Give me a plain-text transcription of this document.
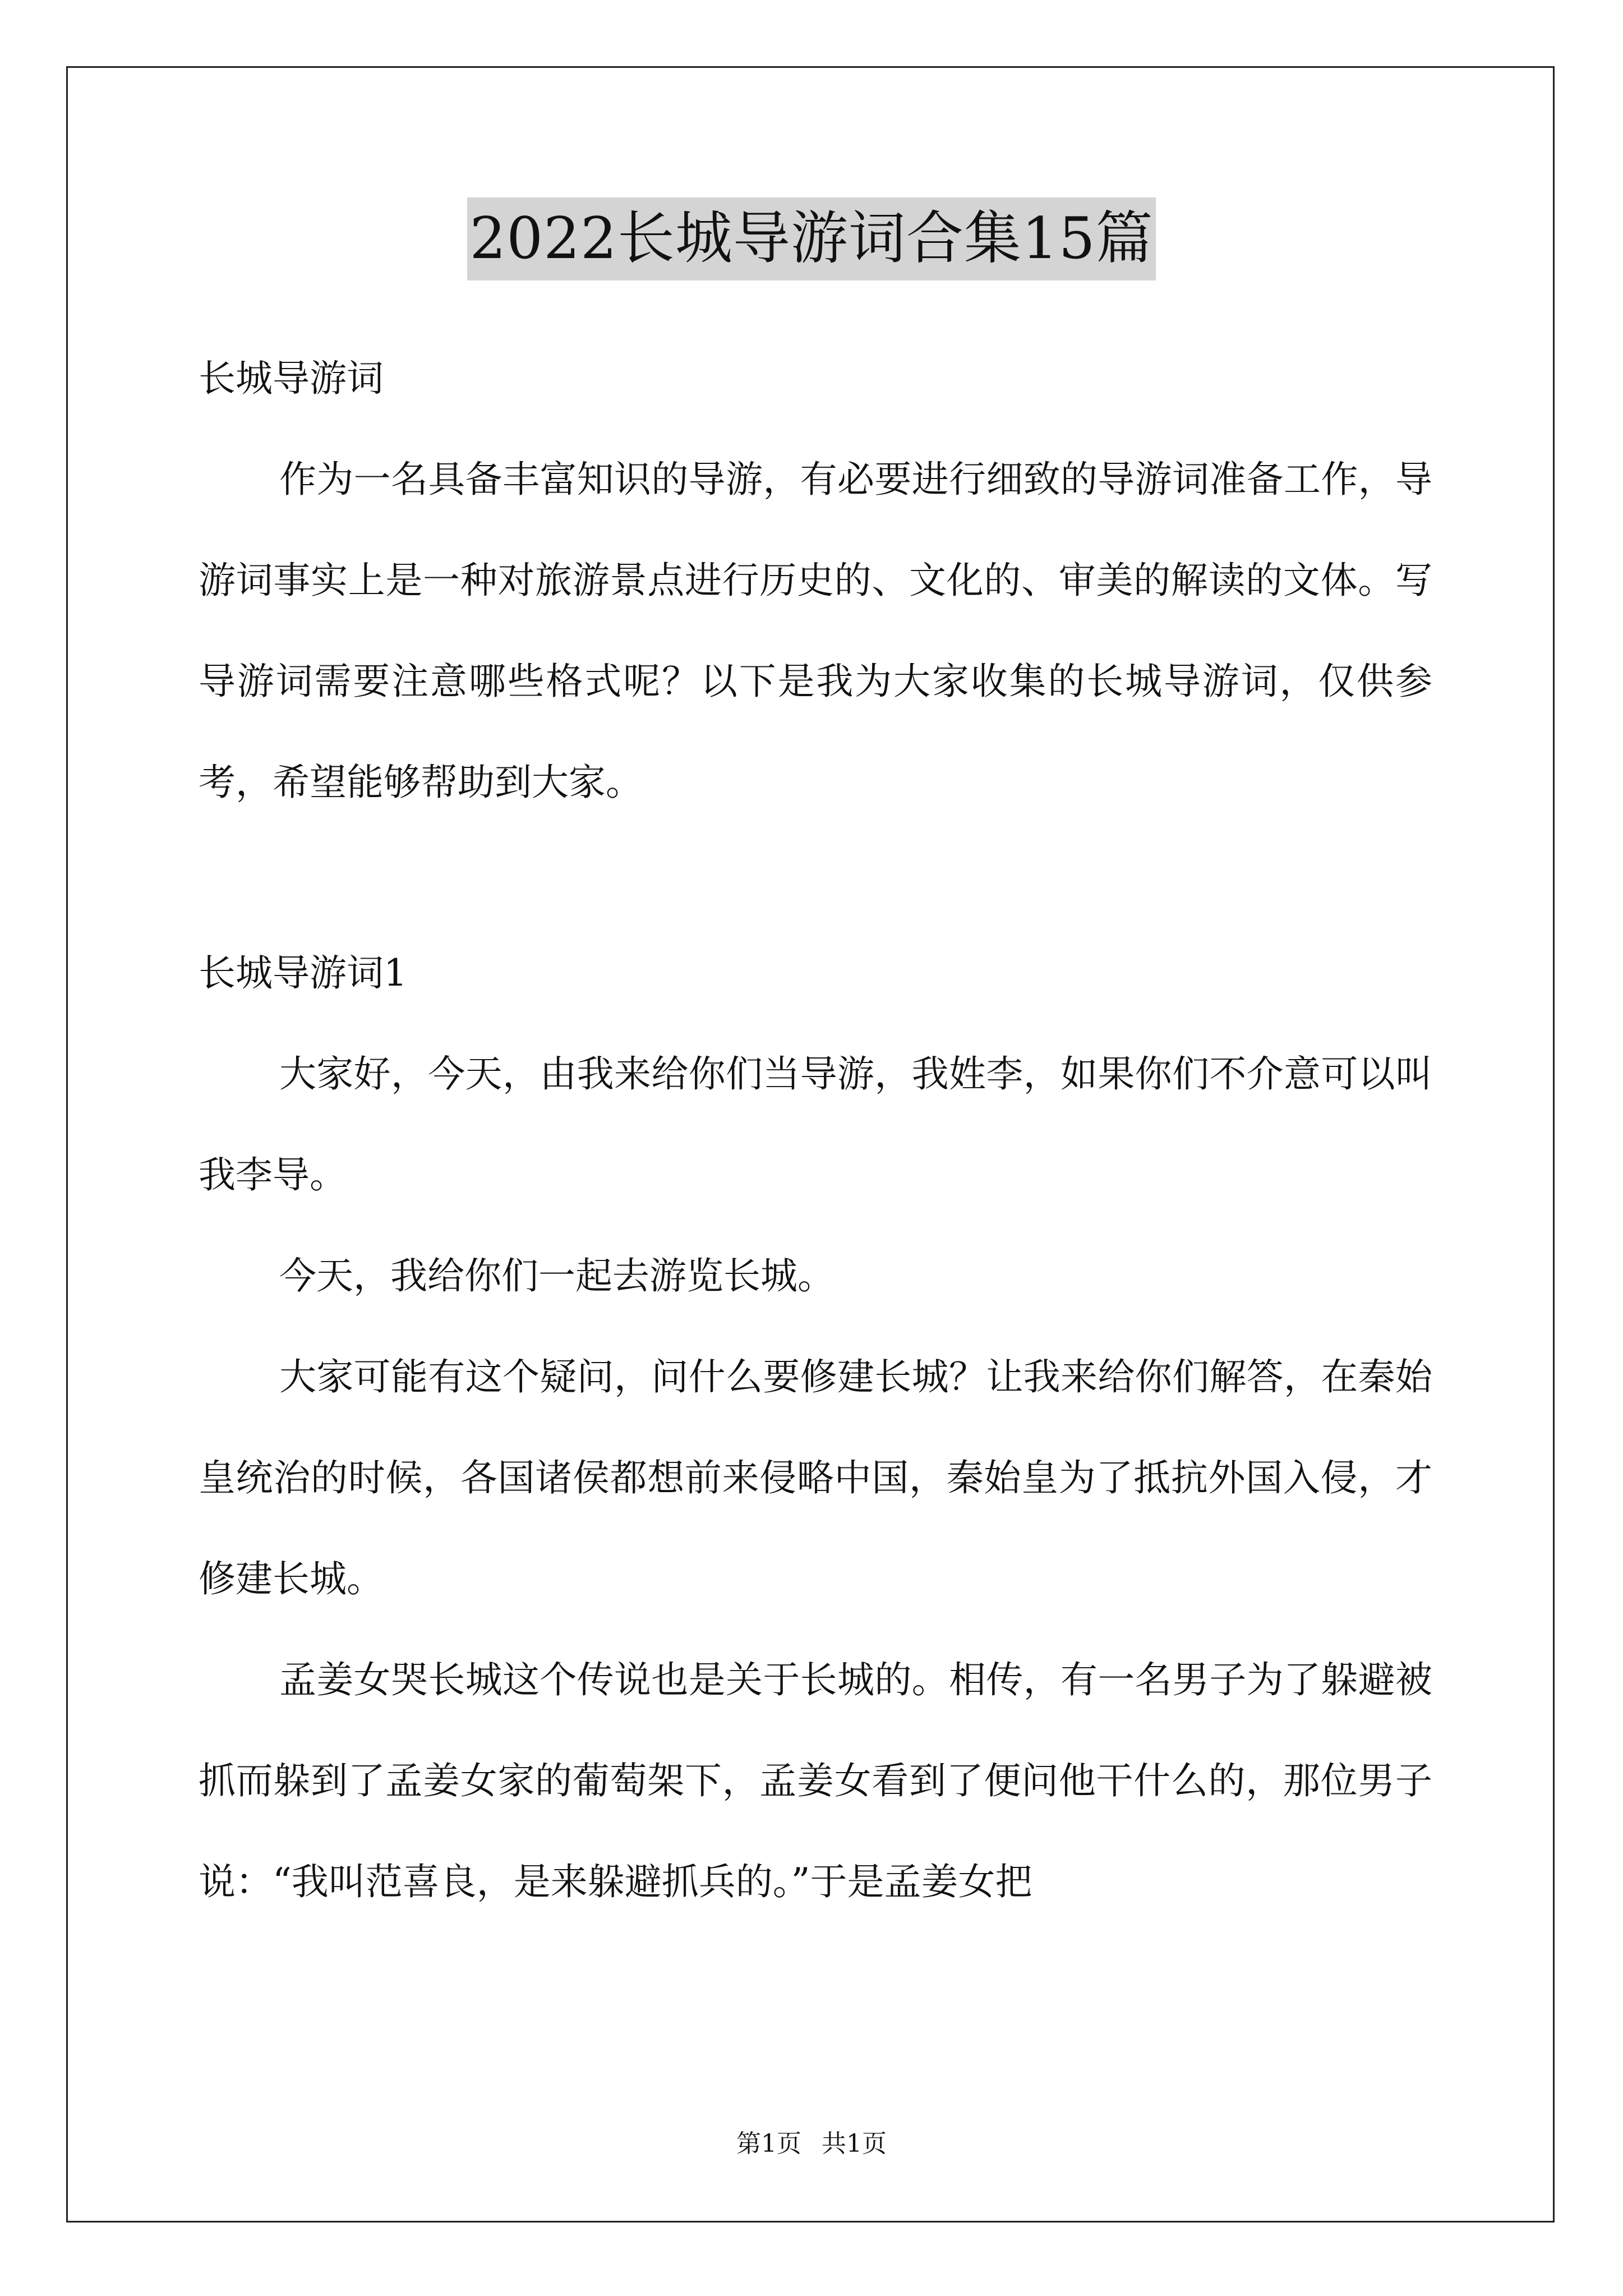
2022长城导游词合集15篇

长城导游词

作为一名具备丰富知识的导游，有必要进行细致的导游词准备工作，导游词事实上是一种对旅游景点进行历史的、文化的、审美的解读的文体。写导游词需要注意哪些格式呢？以下是我为大家收集的长城导游词，仅供参考，希望能够帮助到大家。

长城导游词1

大家好，今天，由我来给你们当导游，我姓李，如果你们不介意可以叫我李导。

今天，我给你们一起去游览长城。

大家可能有这个疑问，问什么要修建长城？让我来给你们解答，在秦始皇统治的时候，各国诸侯都想前来侵略中国，秦始皇为了抵抗外国入侵，才修建长城。

孟姜女哭长城这个传说也是关于长城的。相传，有一名男子为了躲避被抓而躲到了孟姜女家的葡萄架下，孟姜女看到了便问他干什么的，那位男子说：“我叫范喜良，是来躲避抓兵的。”于是孟姜女把

第1页 共1页
